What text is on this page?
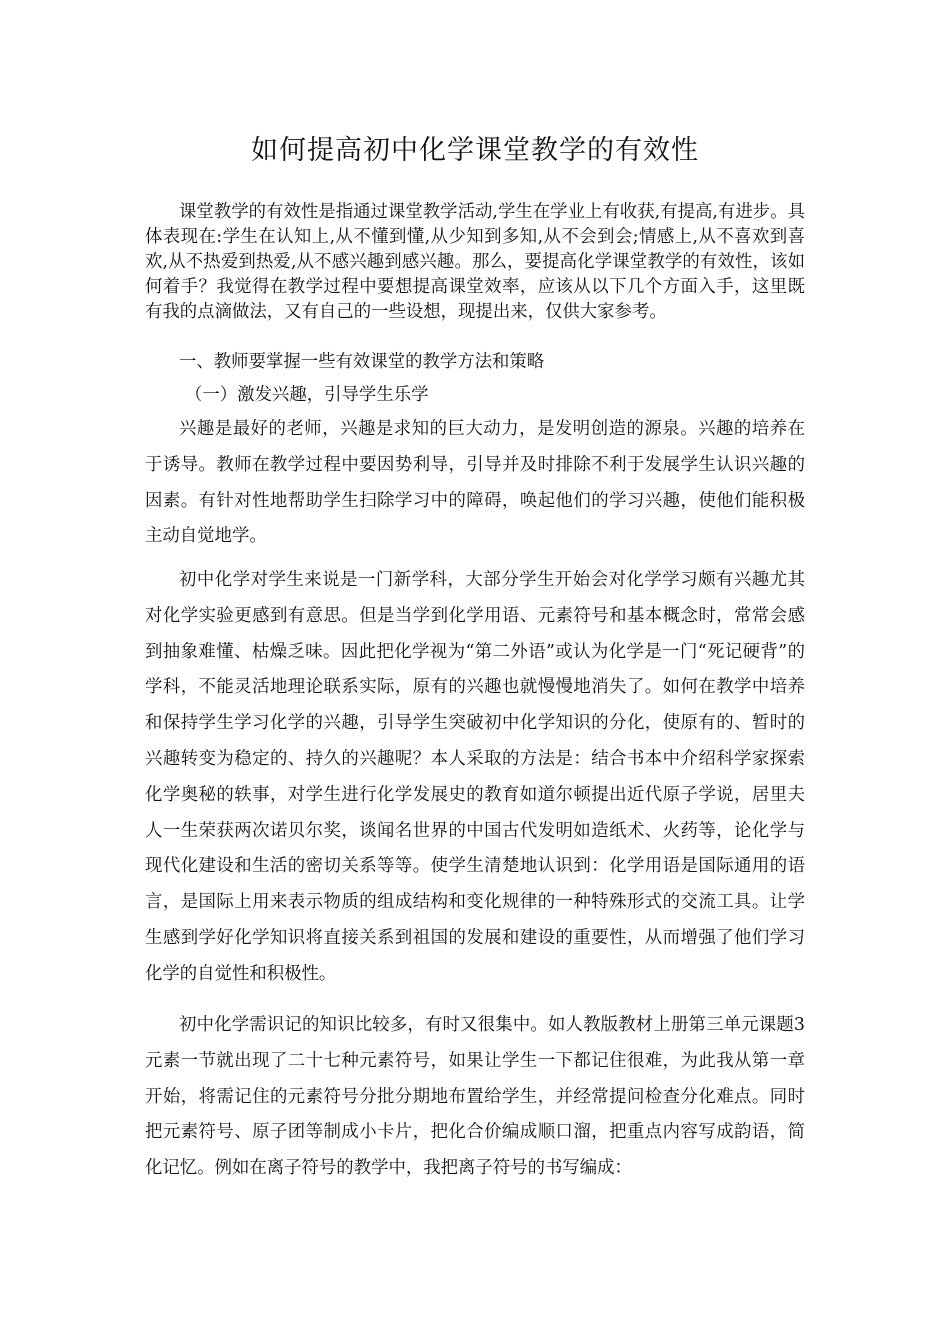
如何提高初中化学课堂教学的有效性

课堂教学的有效性是指通过课堂教学活动,学生在学业上有收获,有提高,有进步。具体表现在:学生在认知上,从不懂到懂,从少知到多知,从不会到会;情感上,从不喜欢到喜欢,从不热爱到热爱,从不感兴趣到感兴趣。那么，要提高化学课堂教学的有效性，该如何着手？我觉得在教学过程中要想提高课堂效率，应该从以下几个方面入手，这里既有我的点滴做法，又有自己的一些设想，现提出来，仅供大家参考。

一、教师要掌握一些有效课堂的教学方法和策略

（一）激发兴趣，引导学生乐学

兴趣是最好的老师，兴趣是求知的巨大动力，是发明创造的源泉。兴趣的培养在于诱导。教师在教学过程中要因势利导，引导并及时排除不利于发展学生认识兴趣的因素。有针对性地帮助学生扫除学习中的障碍，唤起他们的学习兴趣，使他们能积极主动自觉地学。

初中化学对学生来说是一门新学科，大部分学生开始会对化学学习颇有兴趣尤其对化学实验更感到有意思。但是当学到化学用语、元素符号和基本概念时，常常会感到抽象难懂、枯燥乏味。因此把化学视为“第二外语”或认为化学是一门“死记硬背”的学科，不能灵活地理论联系实际，原有的兴趣也就慢慢地消失了。如何在教学中培养和保持学生学习化学的兴趣，引导学生突破初中化学知识的分化，使原有的、暂时的兴趣转变为稳定的、持久的兴趣呢？本人采取的方法是：结合书本中介绍科学家探索化学奥秘的轶事，对学生进行化学发展史的教育如道尔顿提出近代原子学说，居里夫人一生荣获两次诺贝尔奖，谈闻名世界的中国古代发明如造纸术、火药等，论化学与现代化建设和生活的密切关系等等。使学生清楚地认识到：化学用语是国际通用的语言，是国际上用来表示物质的组成结构和变化规律的一种特殊形式的交流工具。让学生感到学好化学知识将直接关系到祖国的发展和建设的重要性，从而增强了他们学习化学的自觉性和积极性。

初中化学需识记的知识比较多，有时又很集中。如人教版教材上册第三单元课题3元素一节就出现了二十七种元素符号，如果让学生一下都记住很难，为此我从第一章开始，将需记住的元素符号分批分期地布置给学生，并经常提问检查分化难点。同时把元素符号、原子团等制成小卡片，把化合价编成顺口溜，把重点内容写成韵语，简化记忆。例如在离子符号的教学中，我把离子符号的书写编成：
